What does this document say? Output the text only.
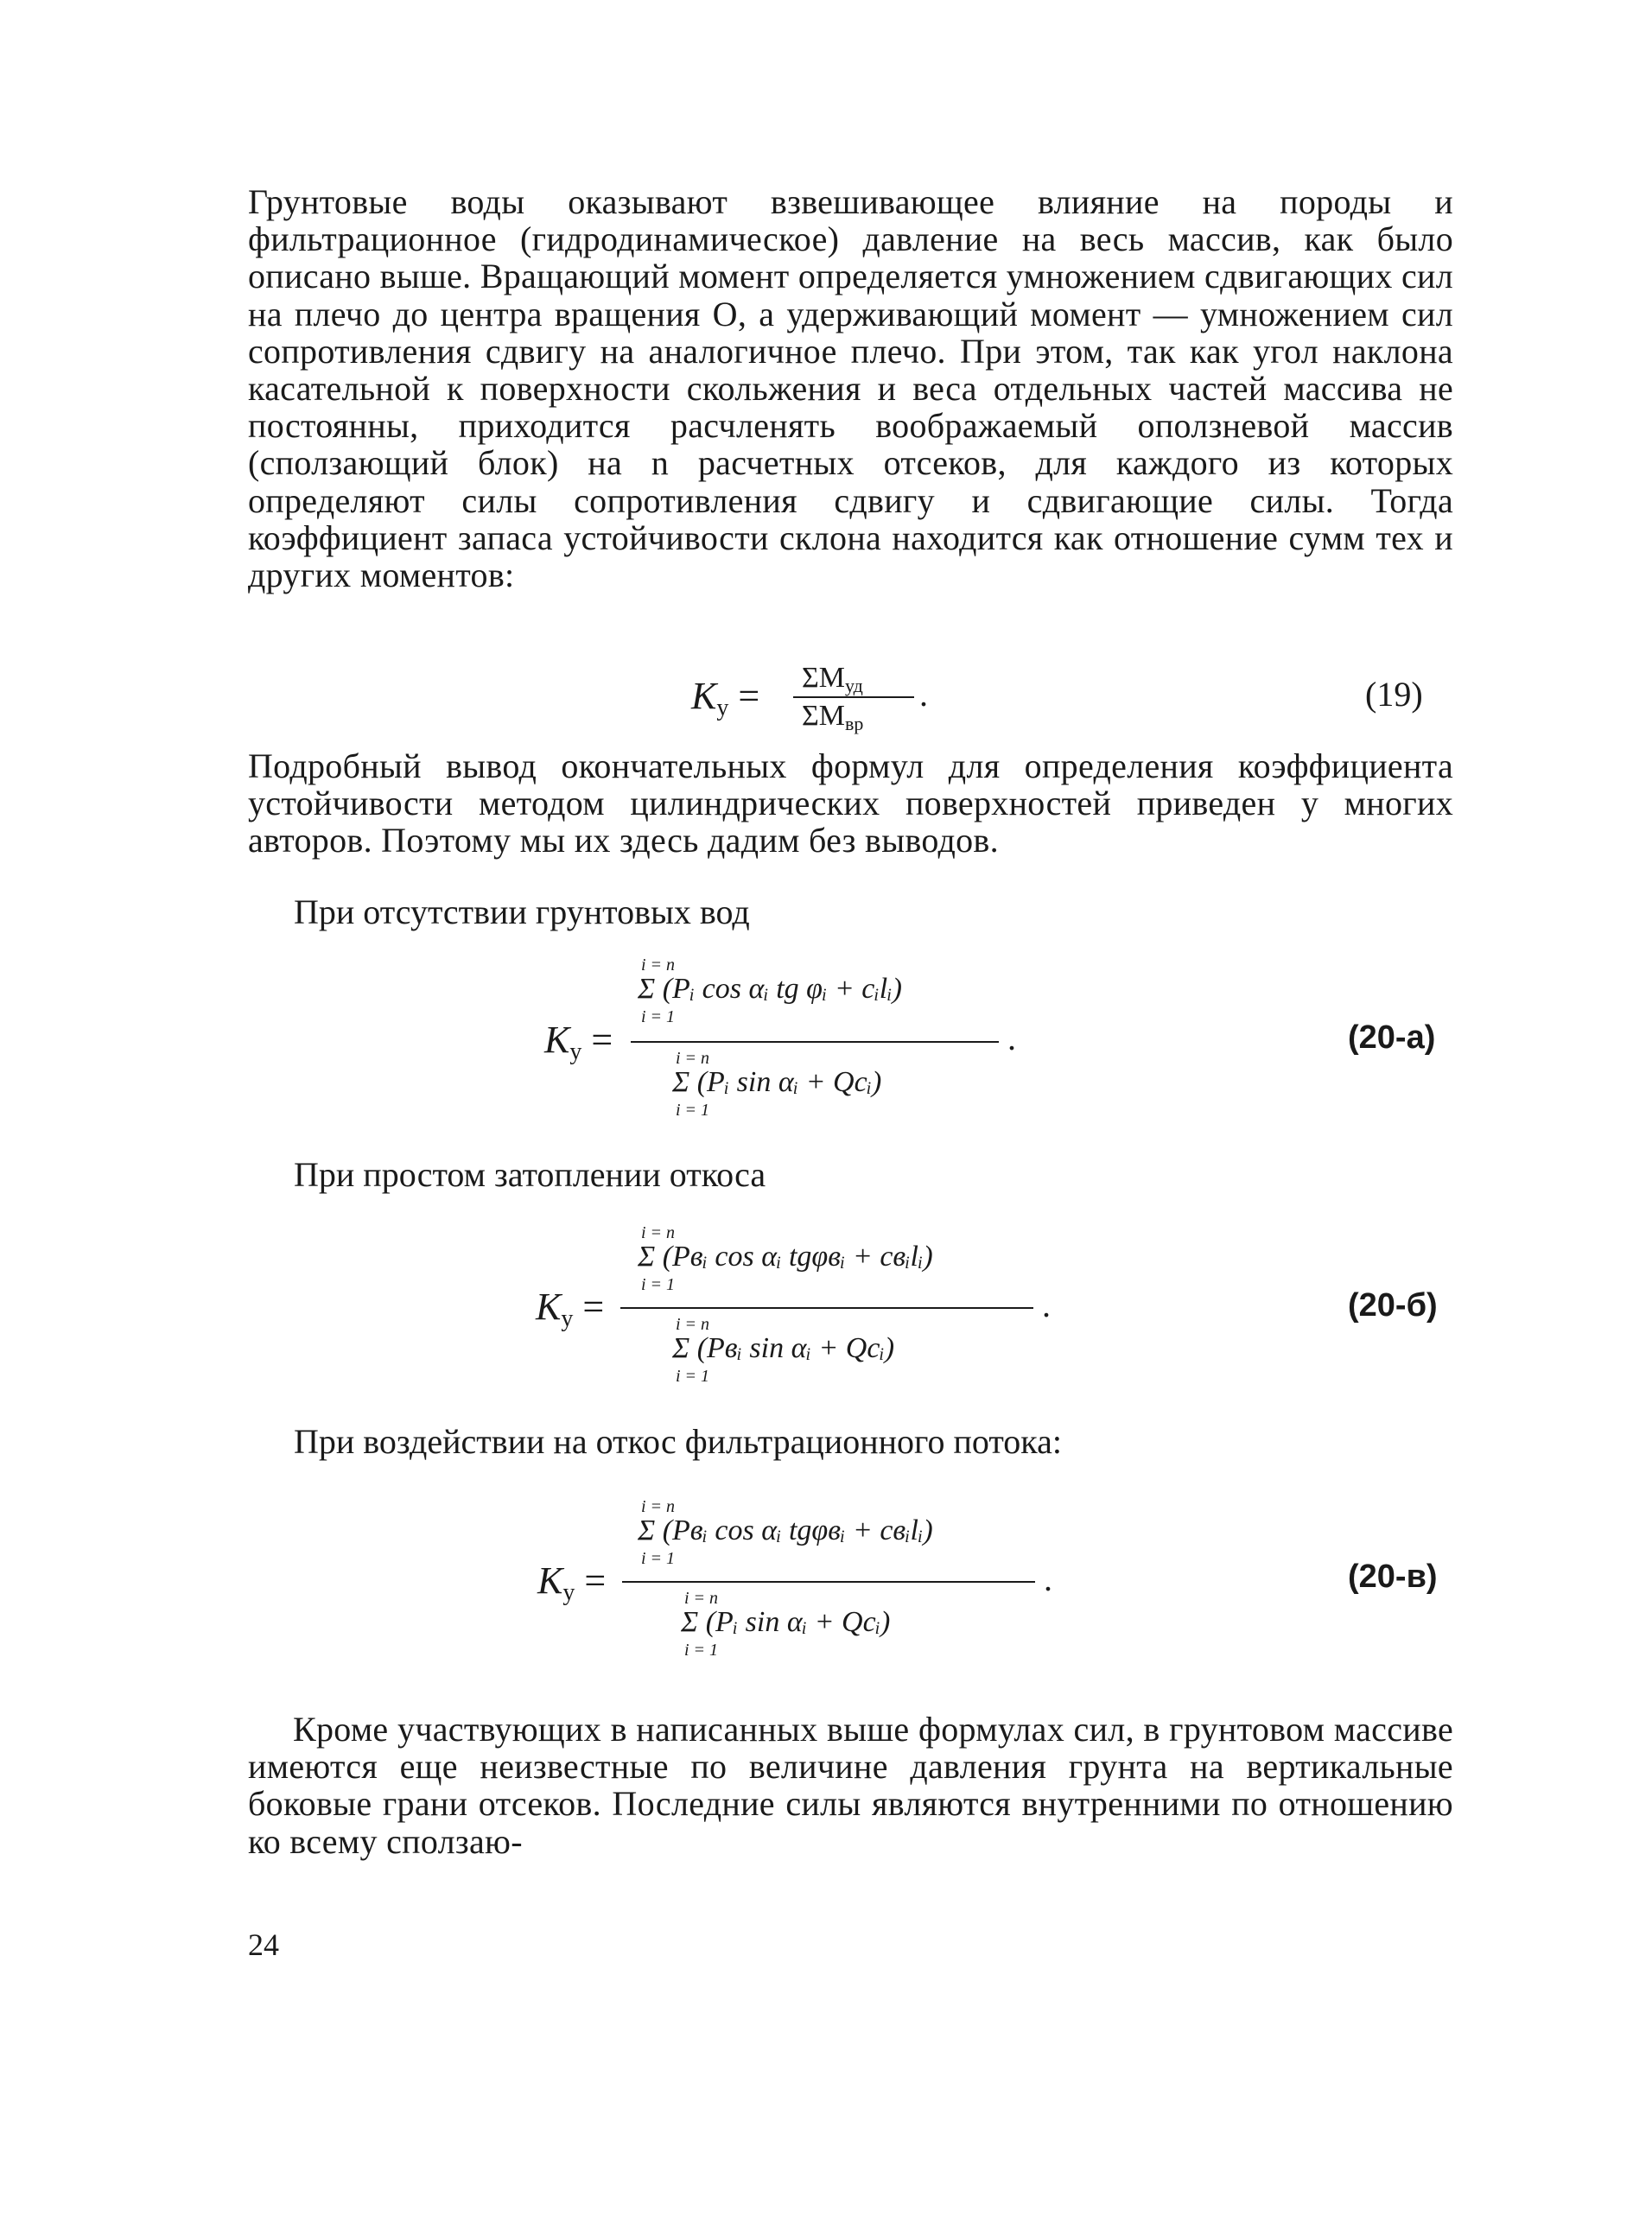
Грунтовые воды оказывают взвешивающее влияние на породы и фильтрационное (гидродинамическое) давление на весь массив, как было описано выше. Вращающий момент определяется умножением сдвигающих сил на плечо до центра вращения O, а удерживающий момент — умножением сил сопротивления сдвигу на аналогичное плечо. При этом, так как угол наклона касательной к поверхности скольжения и веса отдельных частей массива не постоянны, приходится расчленять воображаемый оползневой массив (сползающий блок) на n расчетных отсеков, для каждого из которых определяют силы сопротивления сдвигу и сдвигающие силы. Тогда коэффициент запаса устойчивости склона находится как отношение сумм тех и других моментов:
$K_у = \Sigma M_{уд}$
$\Sigma M_{вр}$
.	(19)
Подробный вывод окончательных формул для определения коэффициента устойчивости методом цилиндрических поверхностей приведен у многих авторов. Поэтому мы их здесь дадим без выводов.
При отсутствии грунтовых вод
i = n
Σ (Pᵢ cos αᵢ tg φᵢ + cᵢlᵢ)
i = 1
$K_у$ =	i = n
Σ (Pᵢ sin αᵢ + Qсᵢ)
i = 1
.	(20-а)
При простом затоплении откоса
i = n
Σ (Pвᵢ cos αᵢ tgφвᵢ + cвᵢlᵢ)
i = 1
$K_у$ =	i = n
Σ (Pвᵢ sin αᵢ + Qсᵢ)
i = 1
.	(20-б)
При воздействии на откос фильтрационного потока:
i = n
Σ (Pвᵢ cos αᵢ tgφвᵢ + cвᵢlᵢ)
i = 1
$K_у$ =	i = n
Σ (Pᵢ sin αᵢ + Qсᵢ)
i = 1
.	(20-в)
Кроме участвующих в написанных выше формулах сил, в грунтовом массиве имеются еще неизвестные по величине давления грунта на вертикальные боковые грани отсеков. Последние силы являются внутренними по отношению ко всему сползаю-
24
